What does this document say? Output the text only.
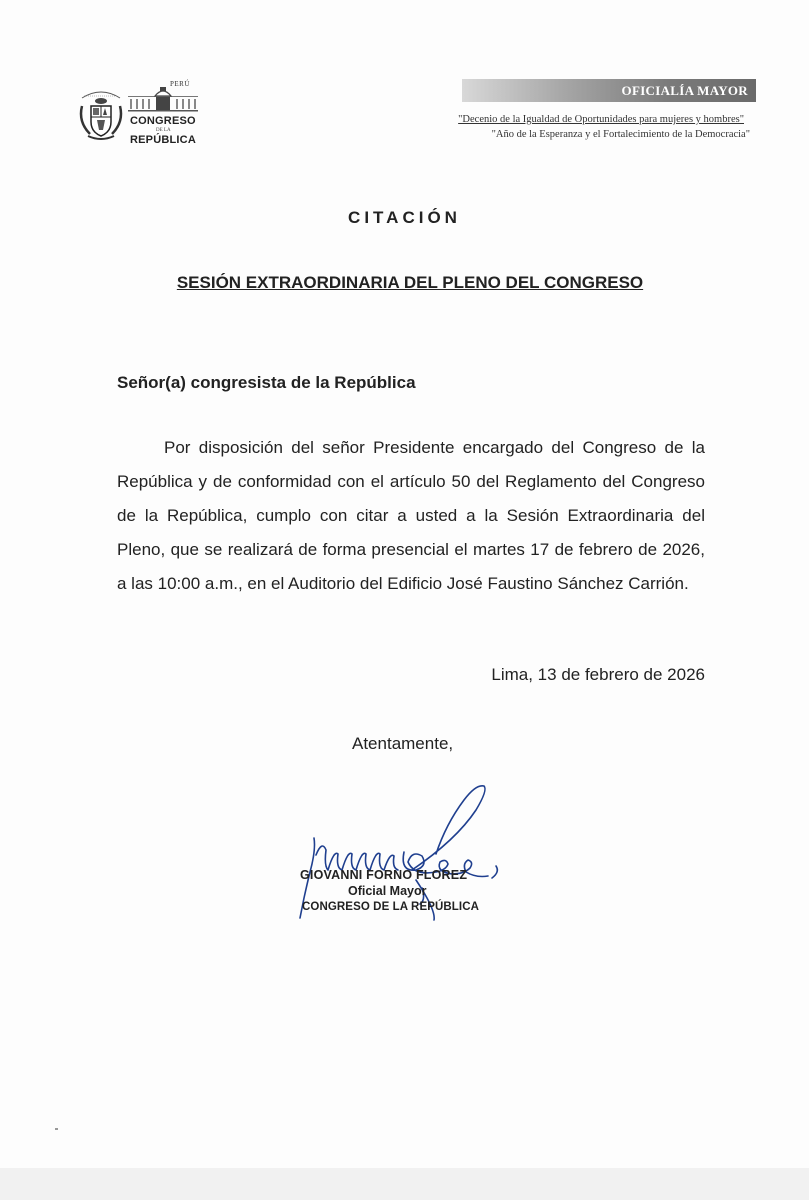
PERÚ
CONGRESO
DE LA
REPÚBLICA
OFICIALÍA MAYOR
"Decenio de la Igualdad de Oportunidades para mujeres y hombres"
"Año de la Esperanza y el Fortalecimiento de la Democracia"
CITACIÓN
SESIÓN EXTRAORDINARIA DEL PLENO DEL CONGRESO
Señor(a) congresista de la República
Por disposición del señor Presidente encargado del Congreso de la República y de conformidad con el artículo 50 del Reglamento del Congreso de la República, cumplo con citar a usted a la Sesión Extraordinaria del Pleno, que se realizará de forma presencial el martes 17 de febrero de 2026, a las 10:00 a.m., en el Auditorio del Edificio José Faustino Sánchez Carrión.
Lima, 13 de febrero de 2026
Atentamente,
GIOVANNI FORNO FLOREZ
Oficial Mayor
CONGRESO DE LA REPÚBLICA
